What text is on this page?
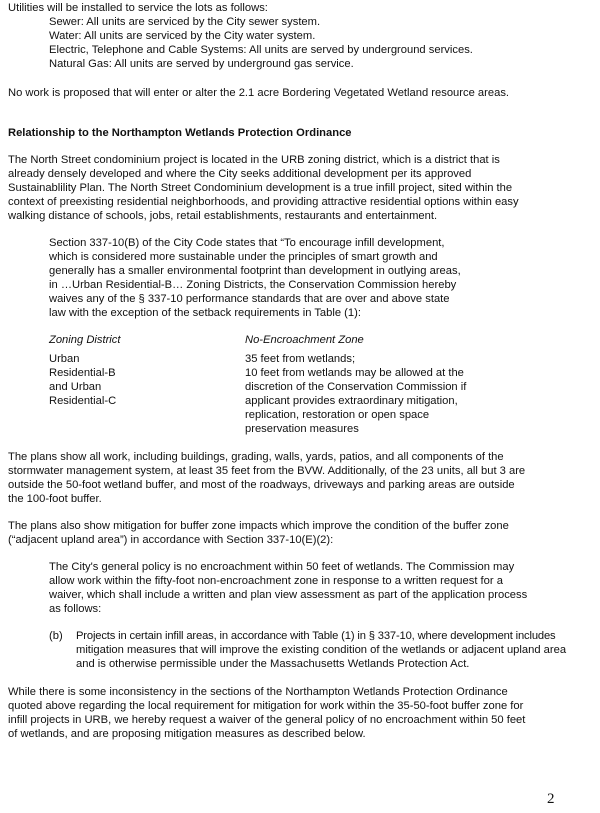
Utilities will be installed to service the lots as follows:
Sewer: All units are serviced by the City sewer system.
Water: All units are serviced by the City water system.
Electric, Telephone and Cable Systems: All units are served by underground services.
Natural Gas: All units are served by underground gas service.
No work is proposed that will enter or alter the 2.1 acre Bordering Vegetated Wetland resource areas.
Relationship to the Northampton Wetlands Protection Ordinance
The North Street condominium project is located in the URB zoning district, which is a district that is
already densely developed and where the City seeks additional development per its approved
Sustainablility Plan. The North Street Condominium development is a true infill project, sited within the
context of preexisting residential neighborhoods, and providing attractive residential options within easy
walking distance of schools, jobs, retail establishments, restaurants and entertainment.
Section 337-10(B) of the City Code states that “To encourage infill development,
which is considered more sustainable under the principles of smart growth and
generally has a smaller environmental footprint than development in outlying areas,
in …Urban Residential-B… Zoning Districts, the Conservation Commission hereby
waives any of the § 337-10 performance standards that are over and above state
law with the exception of the setback requirements in Table (1):
Zoning District	No-Encroachment Zone
Urban
Residential-B
and Urban
Residential-C
35 feet from wetlands;
10 feet from wetlands may be allowed at the
discretion of the Conservation Commission if
applicant provides extraordinary mitigation,
replication, restoration or open space
preservation measures
The plans show all work, including buildings, grading, walls, yards, patios, and all components of the
stormwater management system, at least 35 feet from the BVW. Additionally, of the 23 units, all but 3 are
outside the 50-foot wetland buffer, and most of the roadways, driveways and parking areas are outside
the 100-foot buffer.
The plans also show mitigation for buffer zone impacts which improve the condition of the buffer zone
(“adjacent upland area”) in accordance with Section 337-10(E)(2):
The City's general policy is no encroachment within 50 feet of wetlands. The Commission may
allow work within the fifty-foot non-encroachment zone in response to a written request for a
waiver, which shall include a written and plan view assessment as part of the application process
as follows:
(b) Projects in certain infill areas, in accordance with Table (1) in § 337-10, where development includes
mitigation measures that will improve the existing condition of the wetlands or adjacent upland area
and is otherwise permissible under the Massachusetts Wetlands Protection Act.
While there is some inconsistency in the sections of the Northampton Wetlands Protection Ordinance
quoted above regarding the local requirement for mitigation for work within the 35-50-foot buffer zone for
infill projects in URB, we hereby request a waiver of the general policy of no encroachment within 50 feet
of wetlands, and are proposing mitigation measures as described below.
2
